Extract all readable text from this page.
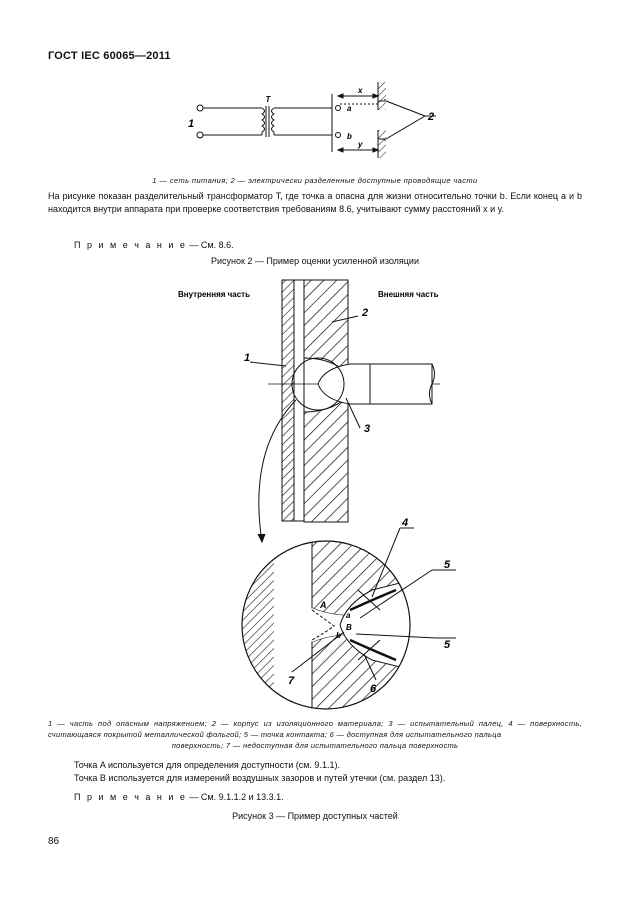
ГОСТ IEC 60065—2011
T
1
2
a
b
x
y
1 — сеть питания; 2 — электрически разделенные доступные проводящие части
На рисунке показан разделительный трансформатор T, где точка a опасна для жизни относительно точки b. Если конец a и b находится внутри аппарата при проверке соответствия требованиям 8.6, учитывают сумму расстояний x и y.
П р и м е ч а н и е — См. 8.6.
Рисунок 2 — Пример оценки усиленной изоляции
Внутренняя часть	Внешняя часть
1
2
3
4
5
5
6
7
A
a
B
b
1 — часть под опасным напряжением; 2 — корпус из изоляционного материала; 3 — испытательный палец, 4 — поверхность, считающаяся покрытой металлической фольгой; 5 — точка контакта; 6 — доступная для испытательного пальца
поверхность; 7 — недоступная для испытательного пальца поверхность
Точка A используется для определения доступности (см. 9.1.1).
Точка B используется для измерений воздушных зазоров и путей утечки (см. раздел 13).
П р и м е ч а н и е — См. 9.1.1.2 и 13.3.1.
Рисунок 3 — Пример доступных частей
86
